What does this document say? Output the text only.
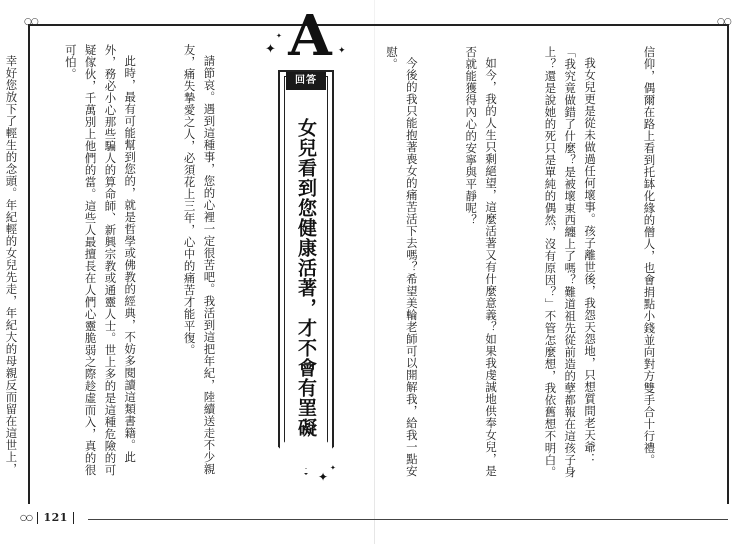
○○	○○
A
✦
✦
✦
✦
✦
回答
女兒看到您健康活著，才不會有罣礙

	信仰，偶爾在路上看到托缽化緣的僧人，也會捐點小錢並向對方雙手合十行禮。

我女兒更是從未做過任何壞事。孩子離世後，我怨天怨地，只想質問老天爺：「我究竟做錯了什麼？是被壞東西纏上了嗎？難道祖先從前造的孽都報在這孩子身上？還是說她的死只是單純的偶然，沒有原因？」不管怎麼想，我依舊想不明白。

如今，我的人生只剩絕望，這麼活著又有什麼意義？如果我虔誠地供奉女兒，是否就能獲得內心的安寧與平靜呢？

今後的我只能抱著喪女的痛苦活下去嗎？希望美輪老師可以開解我，給我一點安慰。

請節哀。遇到這種事，您的心裡一定很苦吧。我活到這把年紀，陸續送走不少親友，痛失摯愛之人，必須花上三年，心中的痛苦才能平復。

此時，最有可能幫到您的，就是哲學或佛教的經典，不妨多閱讀這類書籍。此外，務必小心那些騙人的算命師、新興宗教或通靈人士。世上多的是這種危險的可疑傢伙，千萬別上他們的當。這些人最擅長在人們心靈脆弱之際趁虛而入，真的很可怕。

幸好您放下了輕生的念頭。年紀輕的女兒先走，年紀大的母親反而留在這世上，

○○ 121
